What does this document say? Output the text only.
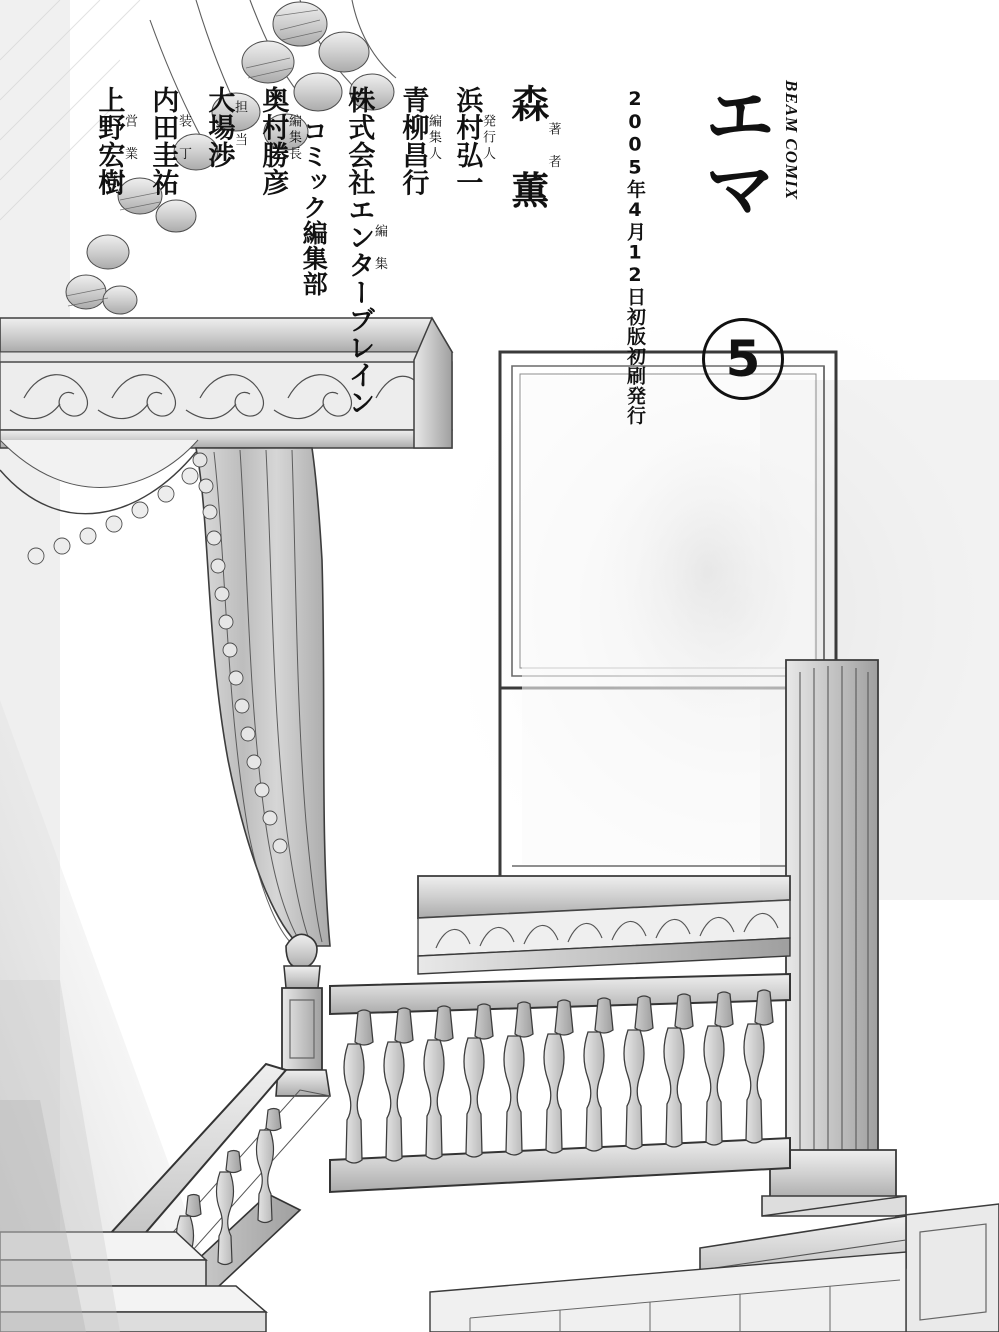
BEAM COMIX
エマ
5
2005年4月12日初版初刷発行
著　者
森　薫
発行人
浜村弘一
編集人
青柳昌行
編　集
株式会社エンターブレイン
コミック編集部
編集長
奥村勝彦
担　当
大場渉
装　丁
内田圭祐
営　業
上野宏樹
